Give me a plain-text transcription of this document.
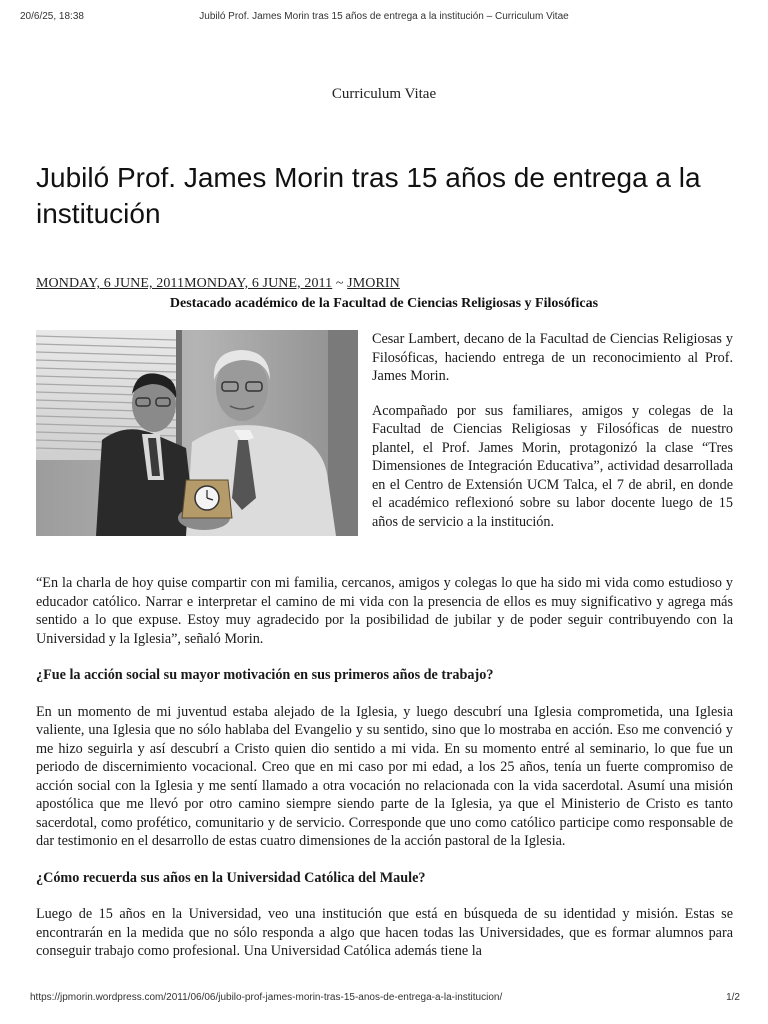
20/6/25, 18:38	Jubiló Prof. James Morin tras 15 años de entrega a la institución – Curriculum Vitae
Curriculum Vitae
Jubiló Prof. James Morin tras 15 años de entrega a la institución
MONDAY, 6 JUNE, 2011MONDAY, 6 JUNE, 2011 ~ JMORIN
Destacado académico de la Facultad de Ciencias Religiosas y Filosóficas

Cesar Lambert, decano de la Facultad de Ciencias Religiosas y Filosóficas, haciendo entrega de un reconocimiento al Prof. James Morin.

Acompañado por sus familiares, amigos y colegas de la Facultad de Ciencias Religiosas y Filosóficas de nuestro plantel, el Prof. James Morin, protagonizó la clase “Tres Dimensiones de Integración Educativa”, actividad desarrollada en el Centro de Extensión UCM Talca, el 7 de abril, en donde el académico reflexionó sobre su labor docente luego de 15 años de servicio a la institución.

“En la charla de hoy quise compartir con mi familia, cercanos, amigos y colegas lo que ha sido mi vida como estudioso y educador católico. Narrar e interpretar el camino de mi vida con la presencia de ellos es muy significativo y agrega más sentido a lo que expuse. Estoy muy agradecido por la posibilidad de jubilar y de poder seguir contribuyendo con la Universidad y la Iglesia”, señaló Morin.

¿Fue la acción social su mayor motivación en sus primeros años de trabajo?

En un momento de mi juventud estaba alejado de la Iglesia, y luego descubrí una Iglesia comprometida, una Iglesia valiente, una Iglesia que no sólo hablaba del Evangelio y su sentido, sino que lo mostraba en acción. Eso me convenció y me hizo seguirla y así descubrí a Cristo quien dio sentido a mi vida. En su momento entré al seminario, lo que fue un periodo de discernimiento vocacional. Creo que en mi caso por mi edad, a los 25 años, tenía un fuerte compromiso de acción social con la Iglesia y me sentí llamado a otra vocación no relacionada con la vida sacerdotal. Asumí una misión apostólica que me llevó por otro camino siempre siendo parte de la Iglesia, ya que el Ministerio de Cristo es tanto sacerdotal, como profético, comunitario y de servicio. Corresponde que uno como católico participe como responsable de dar testimonio en el desarrollo de estas cuatro dimensiones de la acción pastoral de la Iglesia.

¿Cómo recuerda sus años en la Universidad Católica del Maule?

Luego de 15 años en la Universidad, veo una institución que está en búsqueda de su identidad y misión. Estas se encontrarán en la medida que no sólo responda a algo que hacen todas las Universidades, que es formar alumnos para conseguir trabajo como profesional. Una Universidad Católica además tiene la

https://jpmorin.wordpress.com/2011/06/06/jubilo-prof-james-morin-tras-15-anos-de-entrega-a-la-institucion/	1/2
